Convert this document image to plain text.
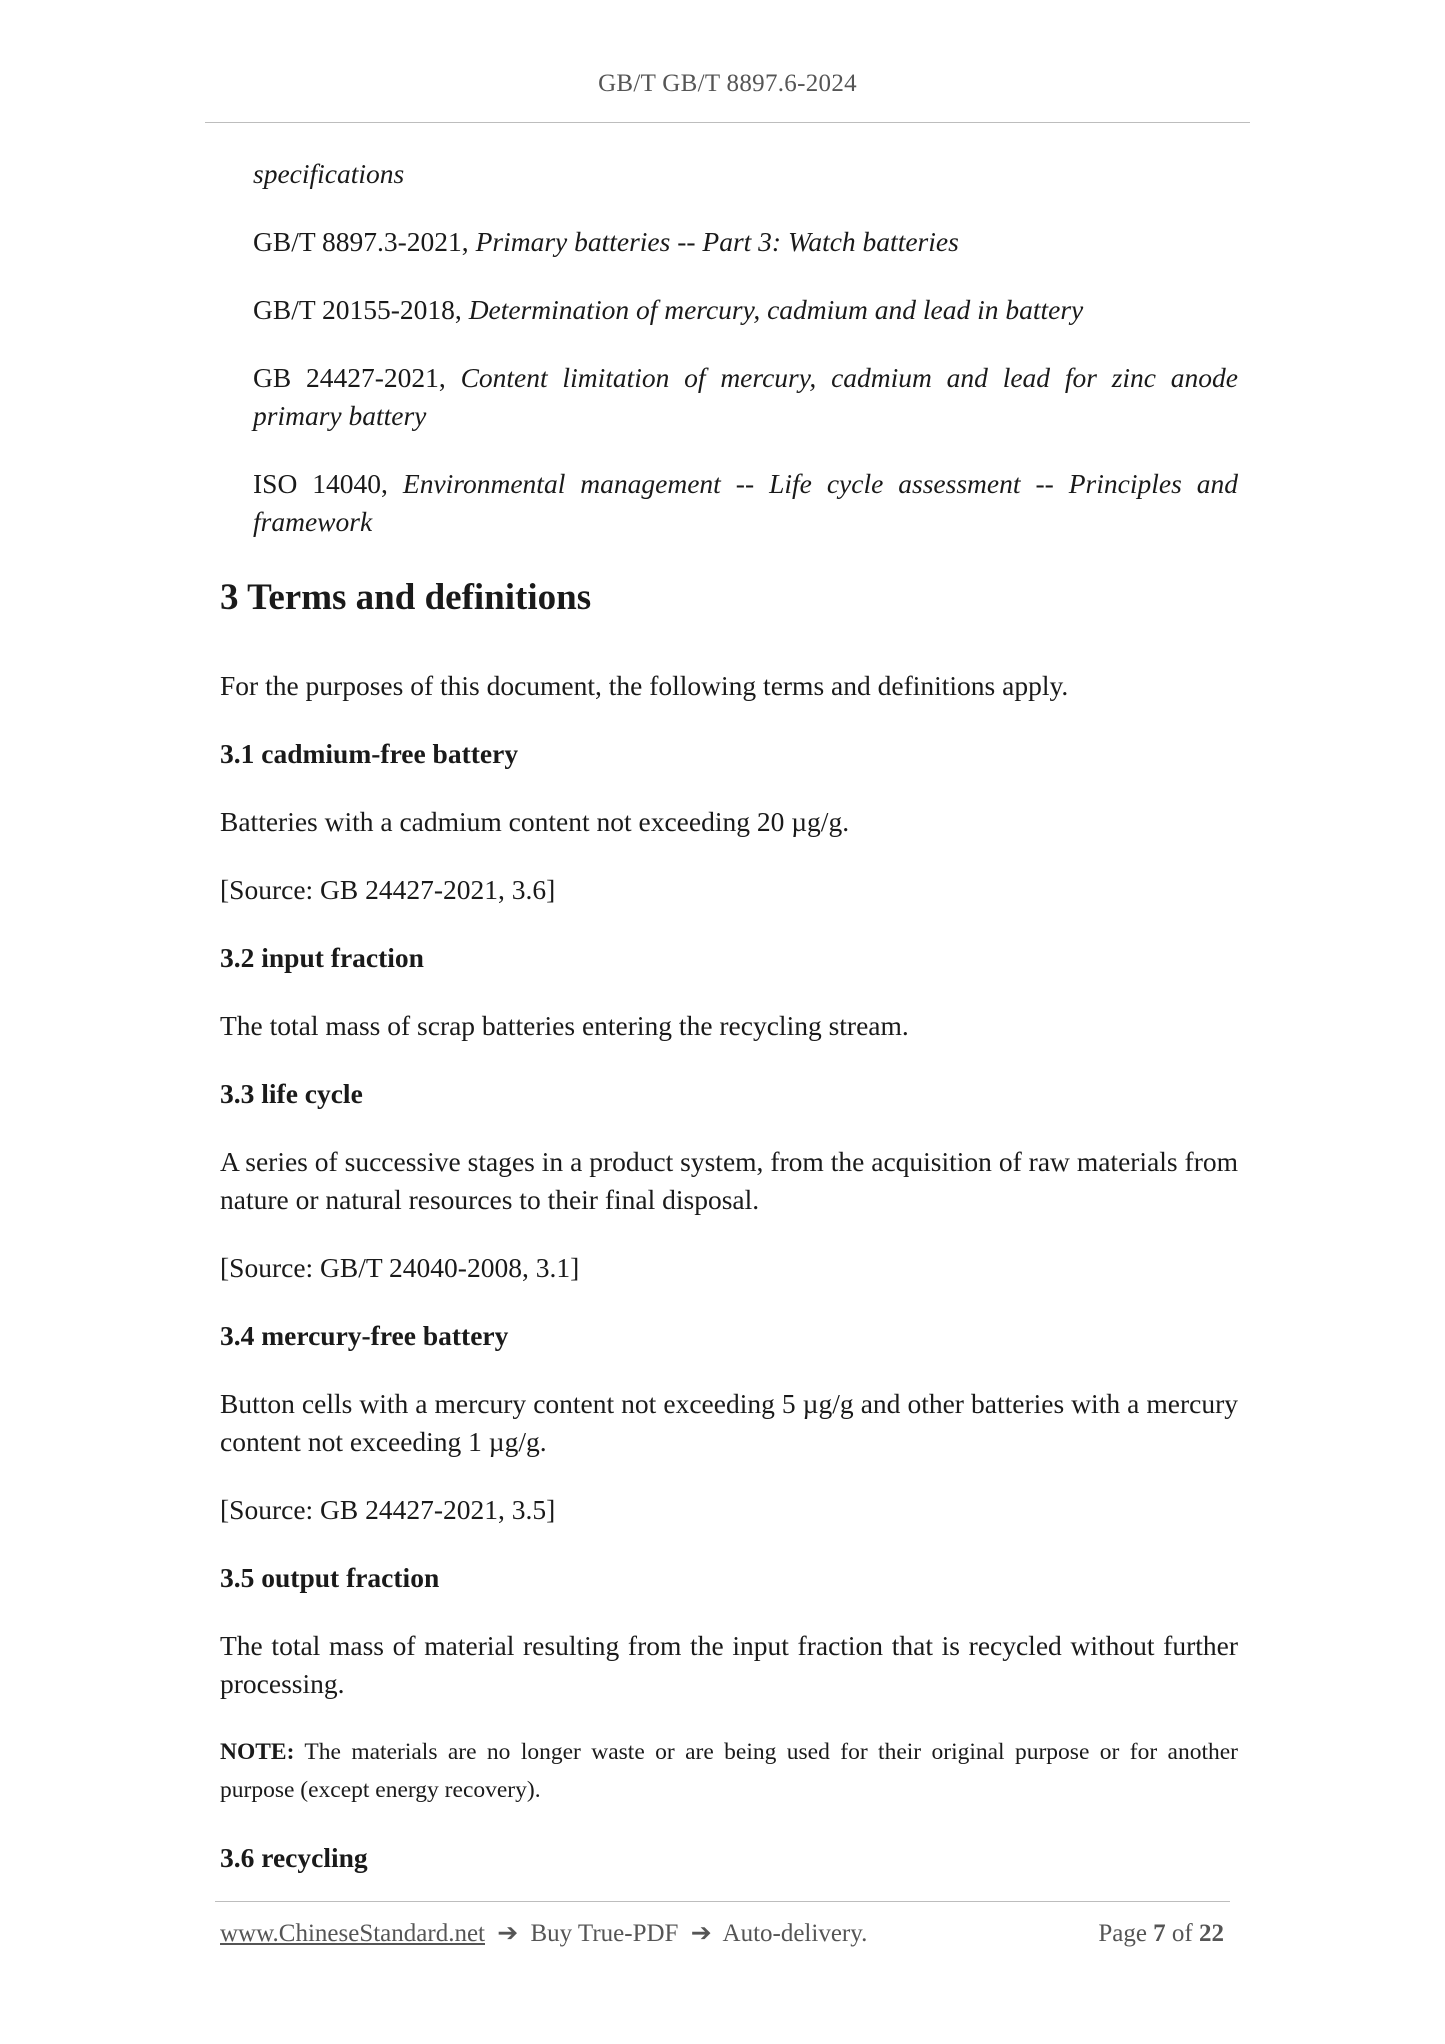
GB/T GB/T 8897.6-2024

specifications

GB/T 8897.3-2021, Primary batteries -- Part 3: Watch batteries

GB/T 20155-2018, Determination of mercury, cadmium and lead in battery

GB 24427-2021, Content limitation of mercury, cadmium and lead for zinc anode primary battery

ISO 14040, Environmental management -- Life cycle assessment -- Principles and framework

3 Terms and definitions

For the purposes of this document, the following terms and definitions apply.

3.1 cadmium-free battery

Batteries with a cadmium content not exceeding 20 µg/g.

[Source: GB 24427-2021, 3.6]

3.2 input fraction

The total mass of scrap batteries entering the recycling stream.

3.3 life cycle

A series of successive stages in a product system, from the acquisition of raw materials from nature or natural resources to their final disposal.

[Source: GB/T 24040-2008, 3.1]

3.4 mercury-free battery

Button cells with a mercury content not exceeding 5 µg/g and other batteries with a mercury content not exceeding 1 µg/g.

[Source: GB 24427-2021, 3.5]

3.5 output fraction

The total mass of material resulting from the input fraction that is recycled without further processing.

NOTE: The materials are no longer waste or are being used for their original purpose or for another purpose (except energy recovery).

3.6 recycling

www.ChineseStandard.net ➔ Buy True-PDF ➔ Auto-delivery.	Page 7 of 22
